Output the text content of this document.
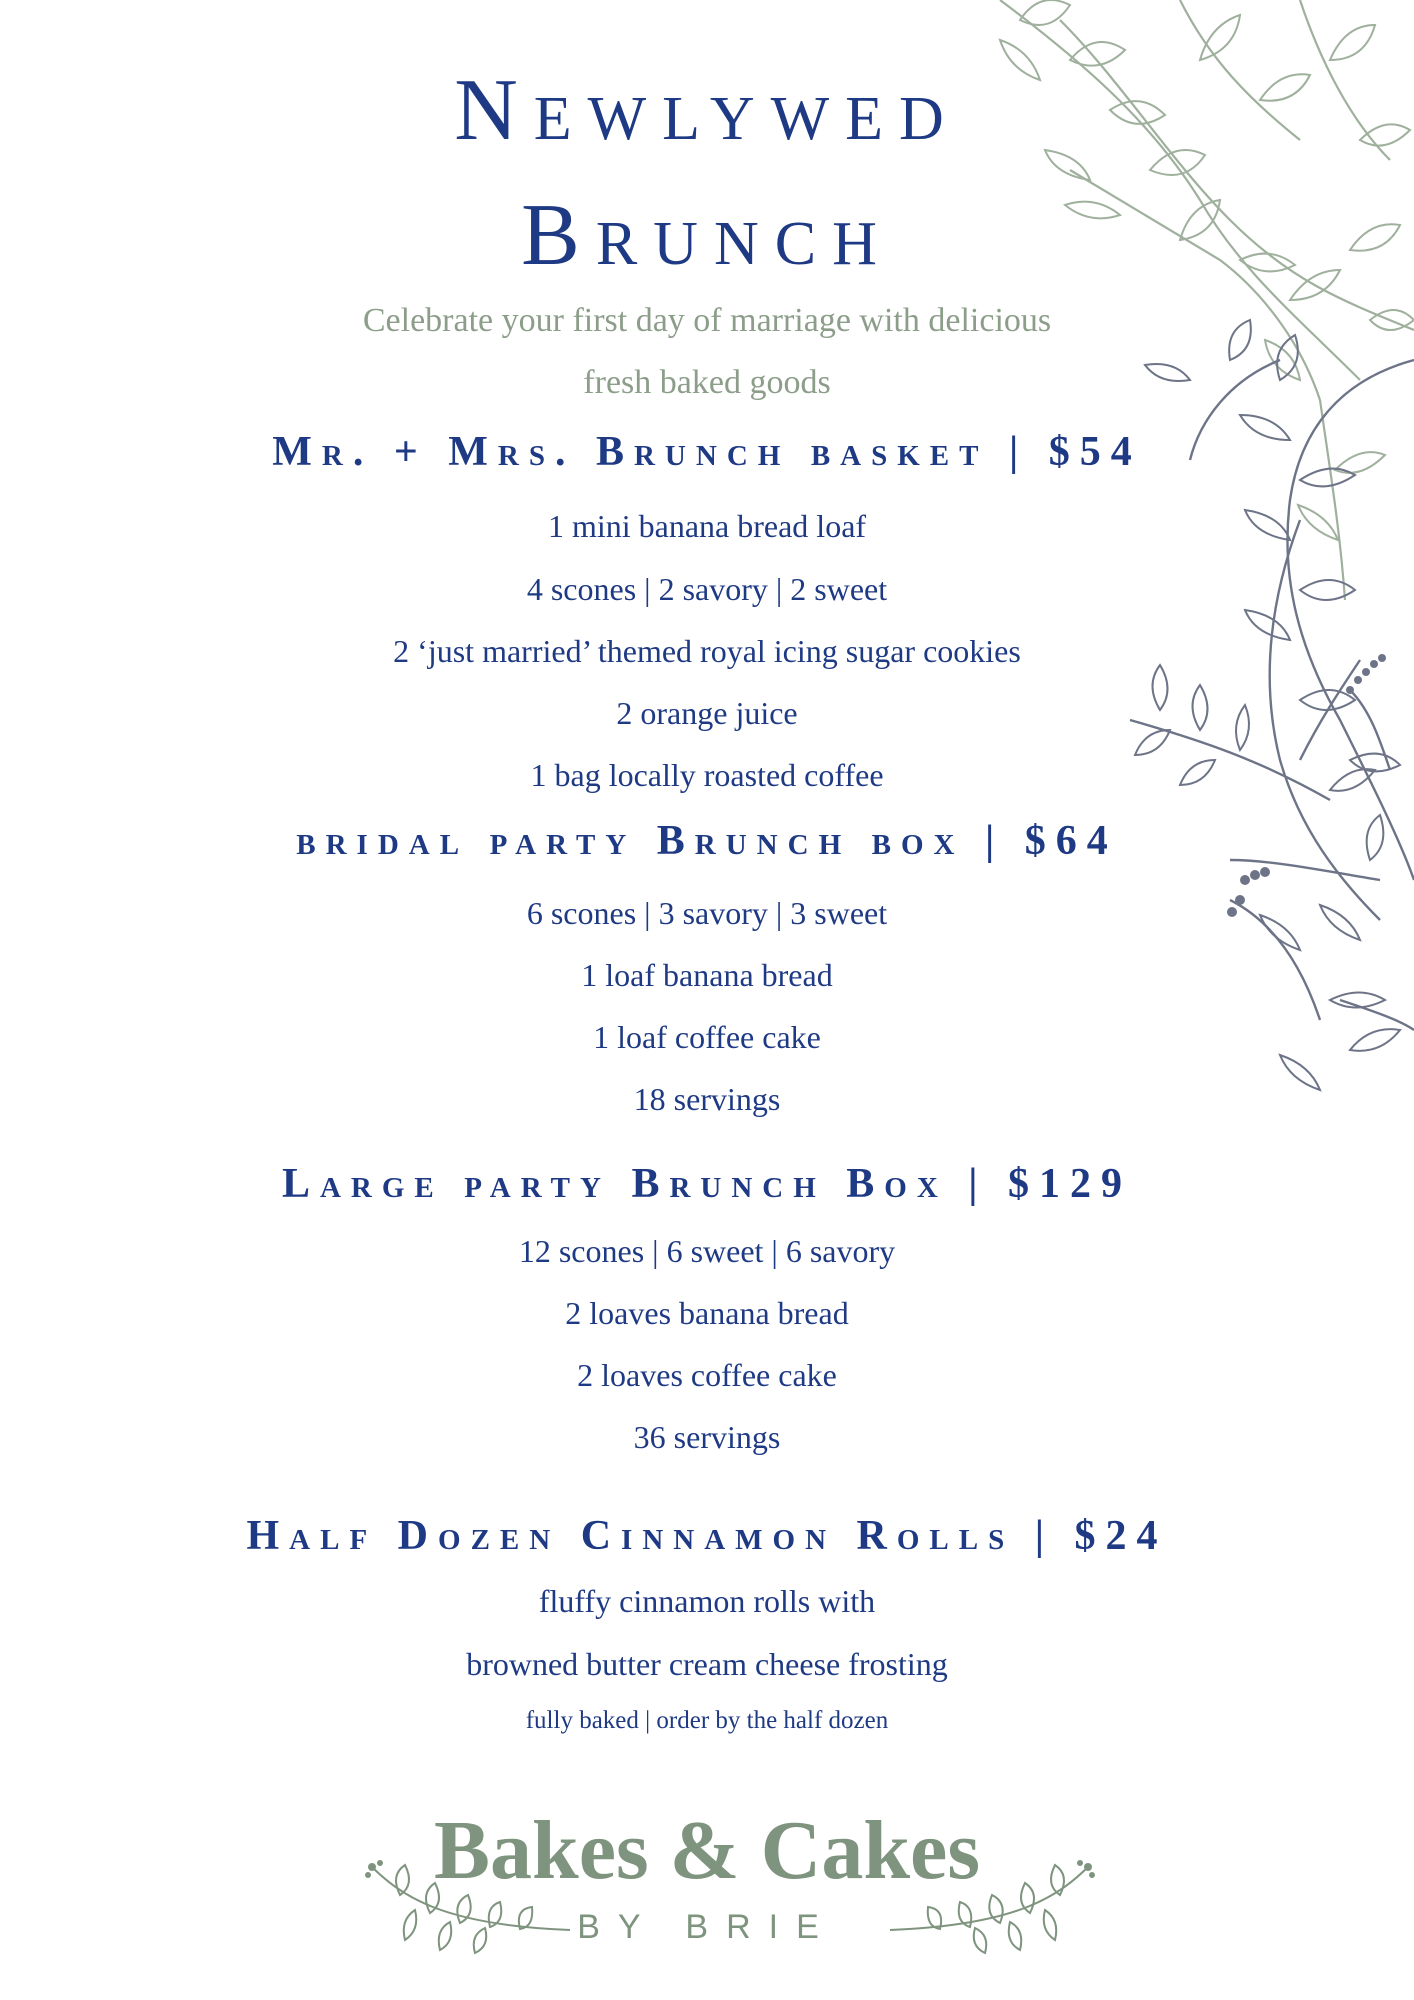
Newlywed
Brunch
Celebrate your first day of marriage with delicious
fresh baked goods
Mr. + Mrs. Brunch basket | $54
1 mini banana bread loaf
4 scones | 2 savory | 2 sweet
2 ‘just married’ themed royal icing sugar cookies
2 orange juice
1 bag locally roasted coffee
bridal party Brunch box | $64
6 scones | 3 savory | 3 sweet
1 loaf banana bread
1 loaf coffee cake
18 servings
Large party Brunch Box | $129
12 scones | 6 sweet | 6 savory
2 loaves banana bread
2 loaves coffee cake
36 servings
Half Dozen Cinnamon Rolls | $24
fluffy cinnamon rolls with
browned butter cream cheese frosting
fully baked | order by the half dozen
Bakes & Cakes
BY BRIE
